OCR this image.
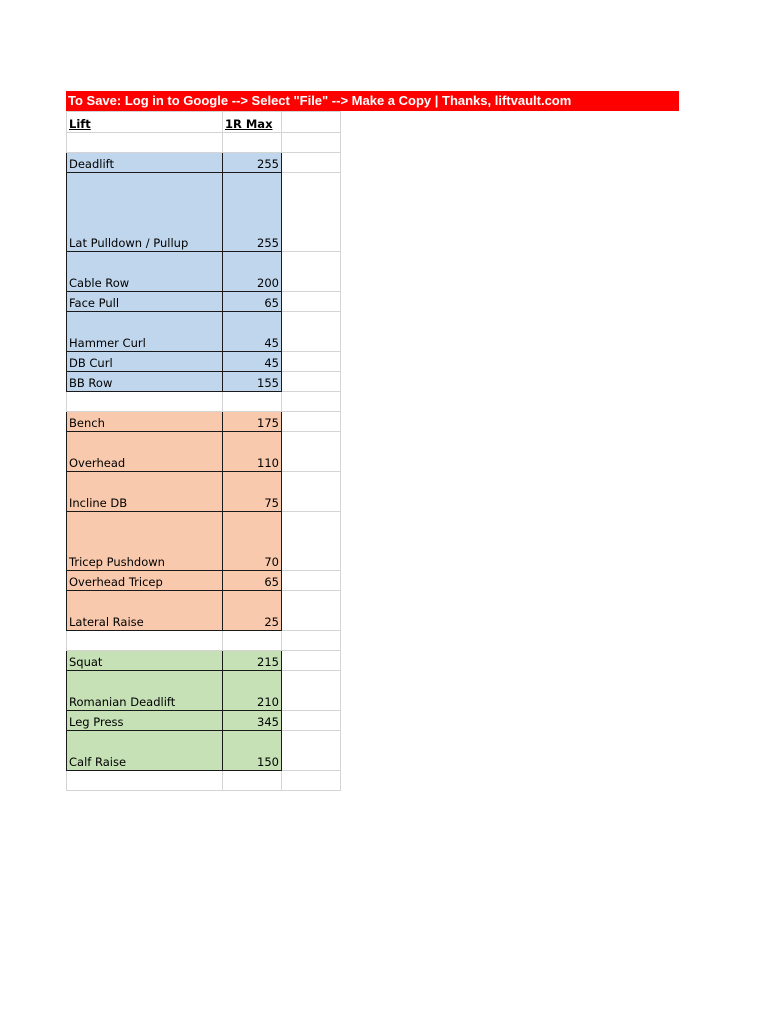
To Save: Log in to Google --> Select "File" --> Make a Copy | Thanks, liftvault.com
Lift	1R Max	

Deadlift	255	
Lat Pulldown / Pullup	255	
Cable Row	200	
Face Pull	65	
Hammer Curl	45	
DB Curl	45	
BB Row	155	

Bench	175	
Overhead	110	
Incline DB	75	
Tricep Pushdown	70	
Overhead Tricep	65	
Lateral Raise	25	

Squat	215	
Romanian Deadlift	210	
Leg Press	345	
Calf Raise	150	
